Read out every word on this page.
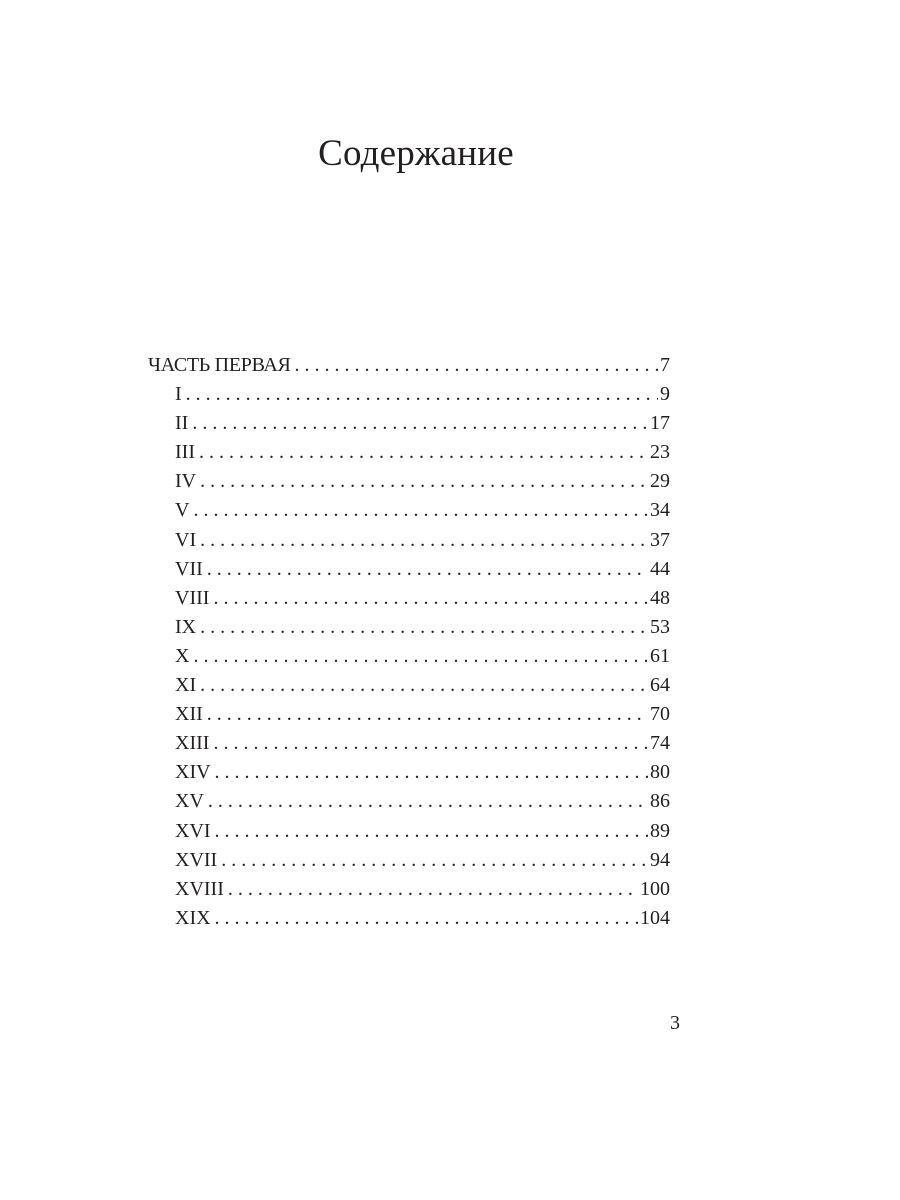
Содержание
ЧАСТЬ ПЕРВАЯ . . .	7
I . . .	9
II . . .	17
III . . .	23
IV . . .	29
V . . .	34
VI . . .	37
VII . . .	44
VIII . . .	48
IX . . .	53
X . . .	61
XI . . .	64
XII . . .	70
XIII . . .	74
XIV . . .	80
XV . . .	86
XVI . . .	89
XVII . . .	94
XVIII . . .	100
XIX . . .	104
3
